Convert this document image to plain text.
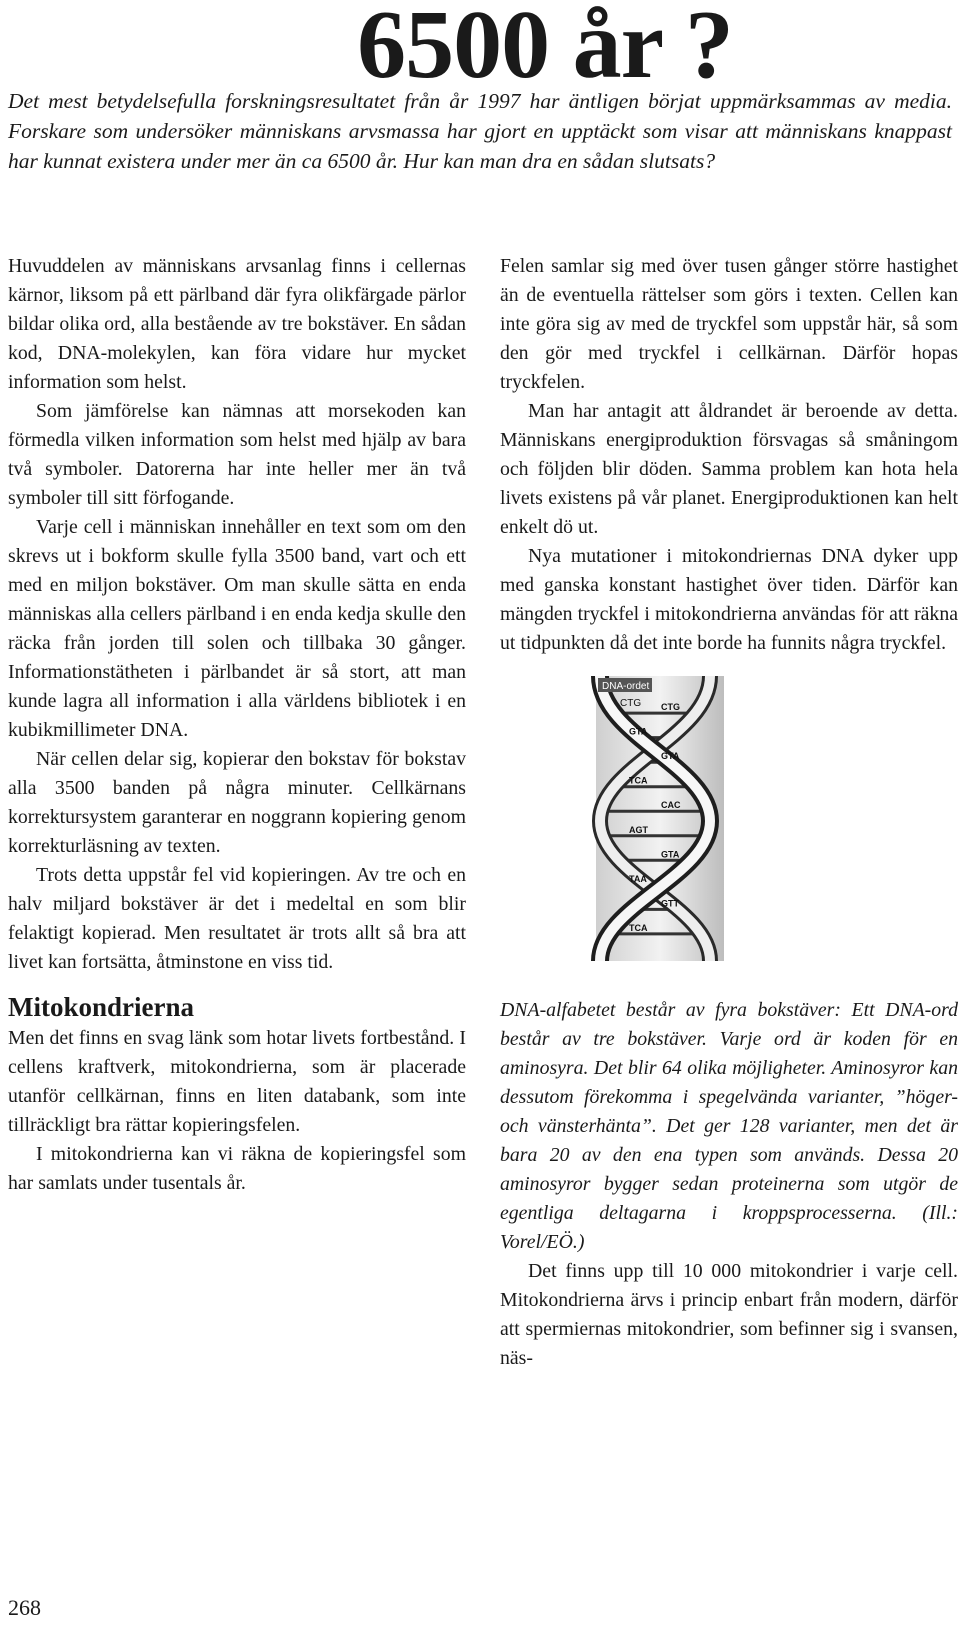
6500 år ?
Det mest betydelsefulla forskningsresultatet från år 1997 har äntligen börjat uppmärksammas av media. Forskare som undersöker människans arvsmassa har gjort en upptäckt som visar att människans knappast har kunnat existera under mer än ca 6500 år. Hur kan man dra en sådan slutsats?

Huvuddelen av människans arvsanlag finns i cellernas kärnor, liksom på ett pärlband där fyra olikfärgade pärlor bildar olika ord, alla bestående av tre bokstäver. En sådan kod, DNA-molekylen, kan föra vidare hur mycket information som helst.

Som jämförelse kan nämnas att morsekoden kan förmedla vilken information som helst med hjälp av bara två symboler. Datorerna har inte heller mer än två symboler till sitt förfogande.

Varje cell i människan innehåller en text som om den skrevs ut i bokform skulle fylla 3500 band, vart och ett med en miljon bokstäver. Om man skulle sätta en enda människas alla cellers pärlband i en enda kedja skulle den räcka från jorden till solen och tillbaka 30 gånger. Informationstätheten i pärlbandet är så stort, att man kunde lagra all information i alla världens bibliotek i en kubikmillimeter DNA.

När cellen delar sig, kopierar den bokstav för bokstav alla 3500 banden på några minuter. Cellkärnans korrektursystem garanterar en noggrann kopiering genom korrekturläsning av texten.

Trots detta uppstår fel vid kopieringen. Av tre och en halv miljard bokstäver är det i medeltal en som blir felaktigt kopierad. Men resultatet är trots allt så bra att livet kan fortsätta, åtminstone en viss tid.

Mitokondrierna

Men det finns en svag länk som hotar livets fortbestånd. I cellens kraftverk, mitokondrierna, som är placerade utanför cellkärnan, finns en liten databank, som inte tillräckligt bra rättar kopieringsfelen.

I mitokondrierna kan vi räkna de kopieringsfel som har samlats under tusentals år.

Felen samlar sig med över tusen gånger större hastighet än de eventuella rättelser som görs i texten. Cellen kan inte göra sig av med de tryckfel som uppstår här, så som den gör med tryckfel i cellkärnan. Därför hopas tryckfelen.

Man har antagit att åldrandet är beroende av detta. Människans energiproduktion försvagas så småningom och följden blir döden. Samma problem kan hota hela livets existens på vår planet. Energiproduktionen kan helt enkelt dö ut.

Nya mutationer i mitokondriernas DNA dyker upp med ganska konstant hastighet över tiden. Därför kan mängden tryckfel i mitokondrierna användas för att räkna ut tidpunkten då det inte borde ha funnits några tryckfel.

CTG
GTA
GTA
TCA
CAC
AGT
GTA
TAA
GTT
TCA
DNA-ordet
CTG

DNA-alfabetet består av fyra bokstäver: Ett DNA-ord består av tre bokstäver. Varje ord är koden för en aminosyra. Det blir 64 olika möjligheter. Aminosyror kan dessutom förekomma i spegelvända varianter, ”höger- och vänsterhänta”. Det ger 128 varianter, men det är bara 20 av den ena typen som används. Dessa 20 aminosyror bygger sedan proteinerna som utgör de egentliga deltagarna i kroppsprocesserna. (Ill.: Vorel/EÖ.)

Det finns upp till 10 000 mitokondrier i varje cell. Mitokondrierna ärvs i princip enbart från modern, därför att spermiernas mitokondrier, som befinner sig i svansen, näs-

268
